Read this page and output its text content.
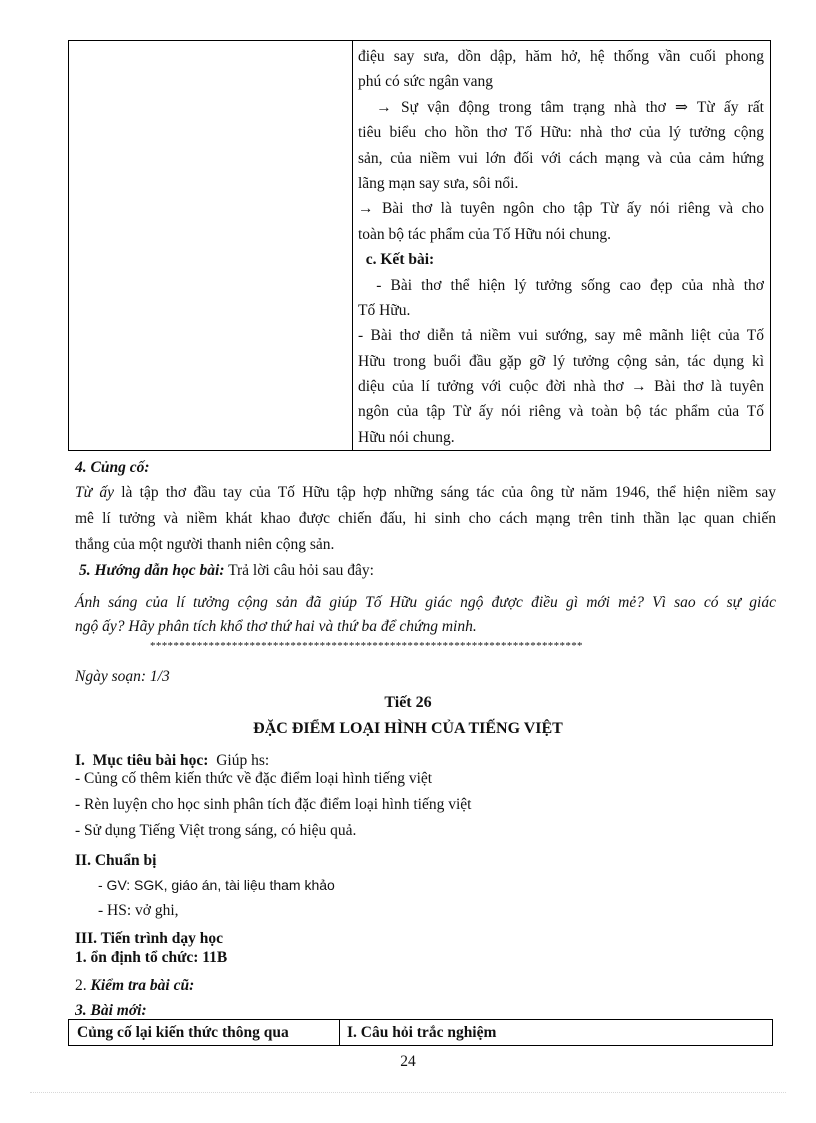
điệu say sưa, dồn dập, hăm hở, hệ thống vần cuối phong
phú có sức ngân vang
→ Sự vận động trong tâm trạng nhà thơ ⇒ Từ ấy rất
tiêu biểu cho hồn thơ Tố Hữu: nhà thơ của lý tưởng cộng
sản, của niềm vui lớn đối với cách mạng và của cảm hứng
lãng mạn say sưa, sôi nổi.
→ Bài thơ là tuyên ngôn cho tập Từ ấy nói riêng và cho
toàn bộ tác phẩm của Tố Hữu nói chung.
c. Kết bài:
- Bài thơ thể hiện lý tưởng sống cao đẹp của nhà thơ
Tố Hữu.
- Bài thơ diễn tả niềm vui sướng, say mê mãnh liệt của Tố
Hữu trong buổi đầu gặp gỡ lý tưởng cộng sản, tác dụng kì
diệu của lí tưởng với cuộc đời nhà thơ → Bài thơ là tuyên
ngôn của tập Từ ấy nói riêng và toàn bộ tác phẩm của Tố
Hữu nói chung.
4. Củng cố:
Từ ấy là tập thơ đầu tay của Tố Hữu tập hợp những sáng tác của ông từ năm 1946, thể hiện niềm say
mê lí tưởng và niềm khát khao được chiến đấu, hi sinh cho cách mạng trên tinh thần lạc quan chiến
thắng của một người thanh niên cộng sản.
5. Hướng dẫn học bài: Trả lời câu hỏi sau đây:
Ánh sáng của lí tưởng cộng sản đã giúp Tố Hữu giác ngộ được điều gì mới mẻ? Vì sao có sự giác
ngộ ấy? Hãy phân tích khổ thơ thứ hai và thứ ba để chứng minh.
**************************************************************************
Ngày soạn: 1/3
Tiết 26
ĐẶC ĐIỂM LOẠI HÌNH CỦA TIẾNG VIỆT
I.  Mục tiêu bài học:  Giúp hs:
- Củng cố thêm kiến thức về đặc điểm loại hình tiếng việt
- Rèn luyện cho học sinh phân tích đặc điểm loại hình tiếng việt
- Sử dụng Tiếng Việt trong sáng, có hiệu quả.
II. Chuẩn bị
- GV: SGK, giáo án, tài liệu tham khảo
- HS: vở ghi,
III. Tiến trình dạy học
1. ổn định tổ chức: 11B
2. Kiểm tra bài cũ:
3. Bài mới:
Củng cố lại kiến thức thông qua	I. Câu hỏi trắc nghiệm
24
